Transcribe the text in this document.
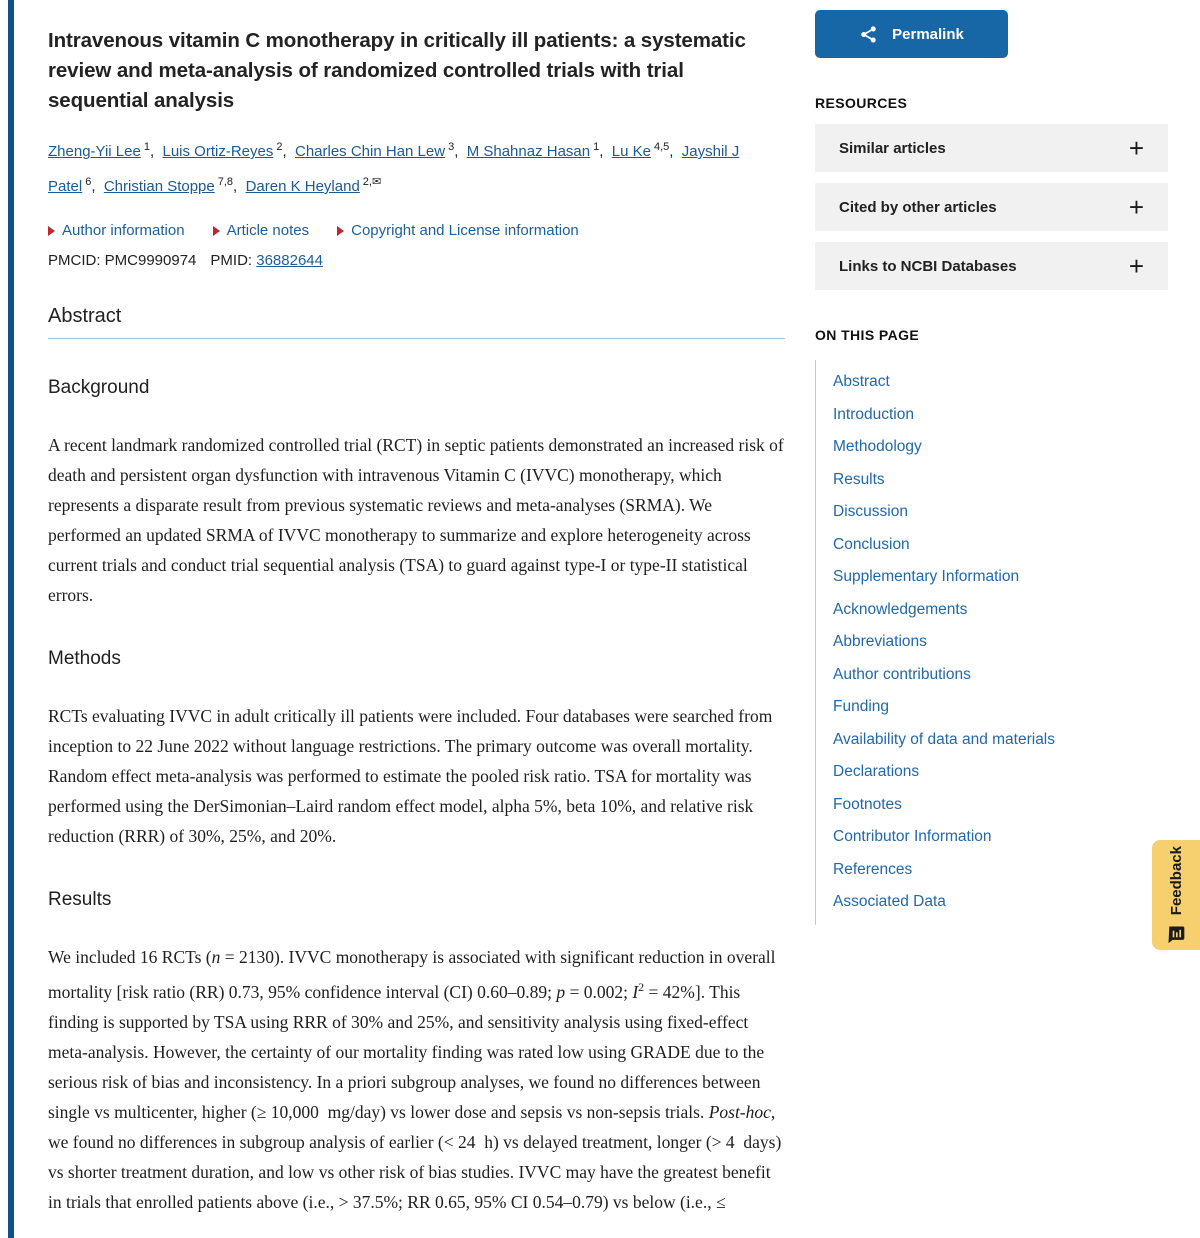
Intravenous vitamin C monotherapy in critically ill patients: a systematic review and meta-analysis of randomized controlled trials with trial sequential analysis

Zheng-Yii Lee $^1$,  Luis Ortiz-Reyes $^2$,  Charles Chin Han Lew $^3$,  M Shahnaz Hasan $^1$,  Lu Ke $^{4,5}$,  Jayshil J Patel $^6$,  Christian Stoppe $^{7,8}$,  Daren K Heyland $^{2,✉}$

Author information	Article notes	Copyright and License information

PMCID: PMC9990974 PMID: 36882644

Abstract
Background

A recent landmark randomized controlled trial (RCT) in septic patients demonstrated an increased risk of death and persistent organ dysfunction with intravenous Vitamin C (IVVC) monotherapy, which represents a disparate result from previous systematic reviews and meta-analyses (SRMA). We performed an updated SRMA of IVVC monotherapy to summarize and explore heterogeneity across current trials and conduct trial sequential analysis (TSA) to guard against type-I or type-II statistical errors.

Methods

RCTs evaluating IVVC in adult critically ill patients were included. Four databases were searched from inception to 22 June 2022 without language restrictions. The primary outcome was overall mortality. Random effect meta-analysis was performed to estimate the pooled risk ratio. TSA for mortality was performed using the DerSimonian–Laird random effect model, alpha 5%, beta 10%, and relative risk reduction (RRR) of 30%, 25%, and 20%.

Results

We included 16 RCTs (n = 2130). IVVC monotherapy is associated with significant reduction in overall mortality [risk ratio (RR) 0.73, 95% confidence interval (CI) 0.60–0.89; p = 0.002; $I^2 = 42\%$]. This finding is supported by TSA using RRR of 30% and 25%, and sensitivity analysis using fixed-effect meta-analysis. However, the certainty of our mortality finding was rated low using GRADE due to the serious risk of bias and inconsistency. In a priori subgroup analyses, we found no differences between single vs multicenter, higher (≥ 10,000  mg/day) vs lower dose and sepsis vs non-sepsis trials. Post-hoc, we found no differences in subgroup analysis of earlier (< 24  h) vs delayed treatment, longer (> 4  days) vs shorter treatment duration, and low vs other risk of bias studies. IVVC may have the greatest benefit in trials that enrolled patients above (i.e., > 37.5%; RR 0.65, 95% CI 0.54–0.79) vs below (i.e., ≤

Permalink
RESOURCES
Similar articles	+
Cited by other articles	+
Links to NCBI Databases	+
ON THIS PAGE
Abstract
Introduction
Methodology
Results
Discussion
Conclusion
Supplementary Information
Acknowledgements
Abbreviations
Author contributions
Funding
Availability of data and materials
Declarations
Footnotes
Contributor Information
References
Associated Data	Feedback
